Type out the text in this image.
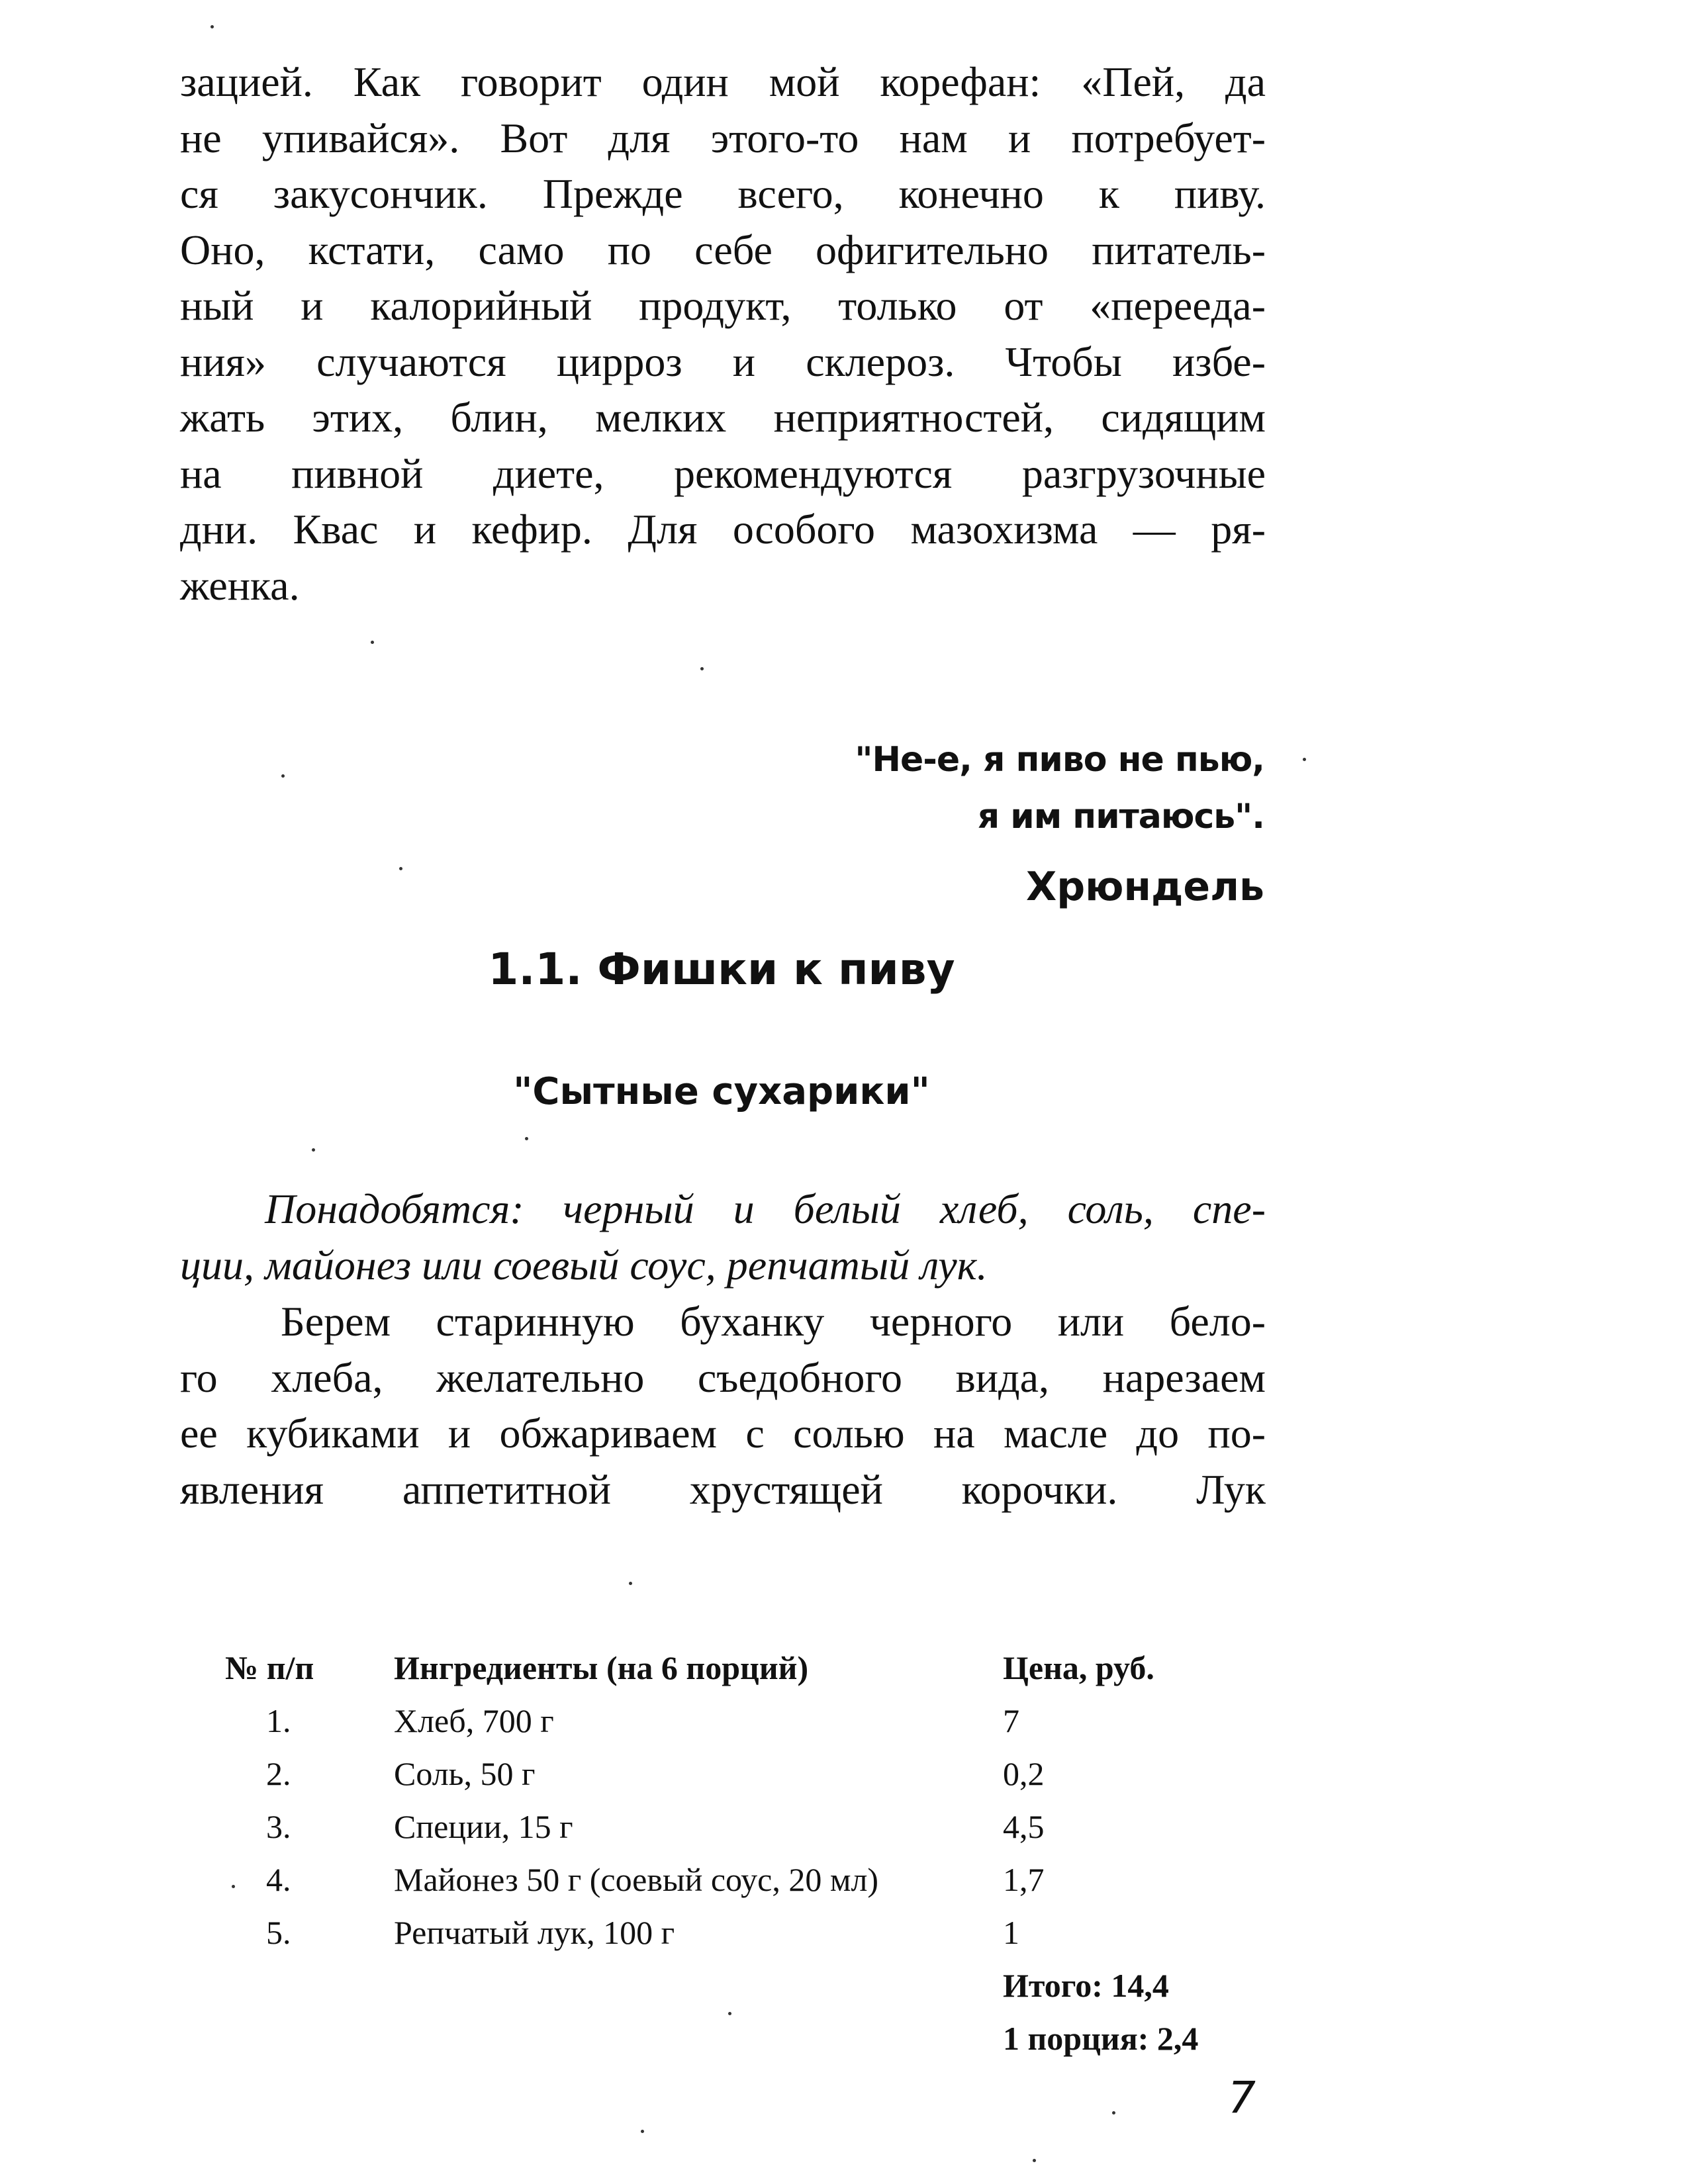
зацией. Как говорит один мой корефан: «Пей, да
не упивайся». Вот для этого-то нам и потребует-
ся закусончик. Прежде всего, конечно к пиву.
Оно, кстати, само по себе офигительно питатель-
ный и калорийный продукт, только от «переeда-
ния» случаются цирроз и склероз. Чтобы избе-
жать этих, блин, мелких неприятностей, сидящим
на пивной диете, рекомендуются разгрузочные
дни. Квас и кефир. Для особого мазохизма — ря-
женка.
"Не-е, я пиво не пью,
я им питаюсь".
Хрюндель
1.1. Фишки к пиву
"Сытные сухарики"
Понадобятся: черный и белый хлеб, соль, спе-
ции, майонез или соевый соус, репчатый лук.
Берем старинную буханку черного или бело-
го хлеба, желательно съедобного вида, нарезаем
ее кубиками и обжариваем с солью на масле до по-
явления аппетитной хрустящей корочки. Лук
№ п/п	Ингредиенты (на 6 порций)	Цена, руб.
1.	Хлеб, 700 г	7
2.	Соль, 50 г	0,2
3.	Специи, 15 г	4,5
4.	Майонез 50 г (соевый соус, 20 мл)	1,7
5.	Репчатый лук, 100 г	1
		Итого: 14,4
		1 порция: 2,4
7
